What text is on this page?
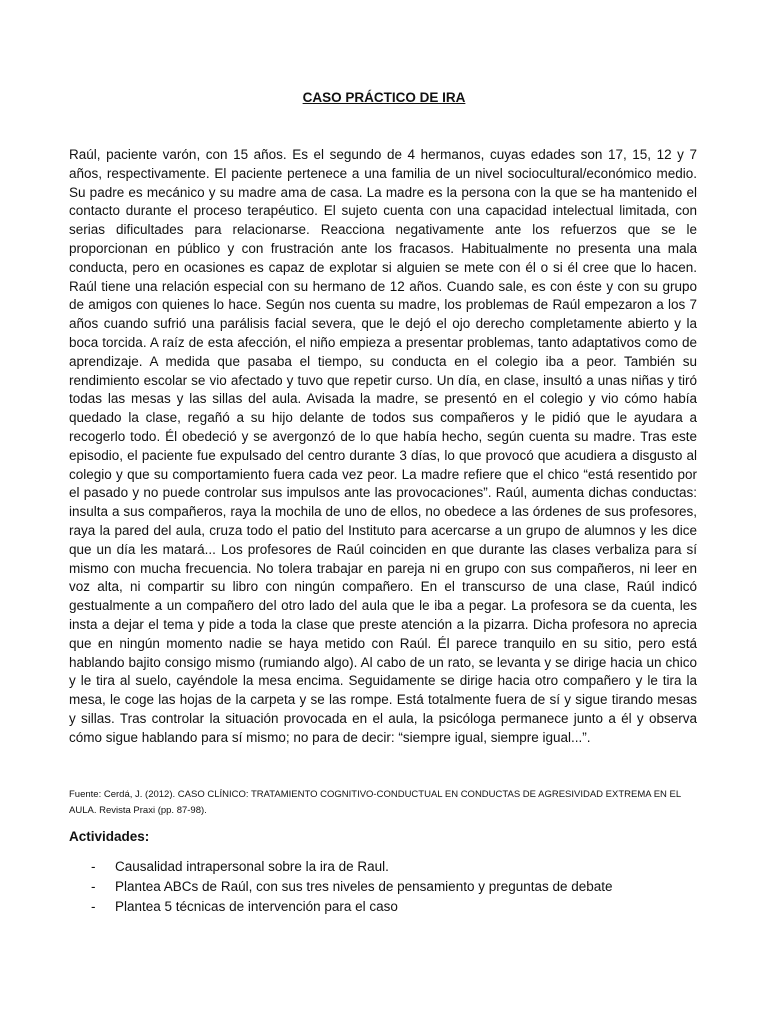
CASO PRÁCTICO DE IRA

Raúl, paciente varón, con 15 años. Es el segundo de 4 hermanos, cuyas edades son 17, 15, 12 y 7 años, respectivamente. El paciente pertenece a una familia de un nivel sociocultural/económico medio. Su padre es mecánico y su madre ama de casa. La madre es la persona con la que se ha mantenido el contacto durante el proceso terapéutico. El sujeto cuenta con una capacidad intelectual limitada, con serias dificultades para relacionarse. Reacciona negativamente ante los refuerzos que se le proporcionan en público y con frustración ante los fracasos. Habitualmente no presenta una mala conducta, pero en ocasiones es capaz de explotar si alguien se mete con él o si él cree que lo hacen. Raúl tiene una relación especial con su hermano de 12 años. Cuando sale, es con éste y con su grupo de amigos con quienes lo hace. Según nos cuenta su madre, los problemas de Raúl empezaron a los 7 años cuando sufrió una parálisis facial severa, que le dejó el ojo derecho completamente abierto y la boca torcida. A raíz de esta afección, el niño empieza a presentar problemas, tanto adaptativos como de aprendizaje. A medida que pasaba el tiempo, su conducta en el colegio iba a peor. También su rendimiento escolar se vio afectado y tuvo que repetir curso. Un día, en clase, insultó a unas niñas y tiró todas las mesas y las sillas del aula. Avisada la madre, se presentó en el colegio y vio cómo había quedado la clase, regañó a su hijo delante de todos sus compañeros y le pidió que le ayudara a recogerlo todo. Él obedeció y se avergonzó de lo que había hecho, según cuenta su madre. Tras este episodio, el paciente fue expulsado del centro durante 3 días, lo que provocó que acudiera a disgusto al colegio y que su comportamiento fuera cada vez peor. La madre refiere que el chico “está resentido por el pasado y no puede controlar sus impulsos ante las provocaciones”. Raúl, aumenta dichas conductas: insulta a sus compañeros, raya la mochila de uno de ellos, no obedece a las órdenes de sus profesores, raya la pared del aula, cruza todo el patio del Instituto para acercarse a un grupo de alumnos y les dice que un día les matará... Los profesores de Raúl coinciden en que durante las clases verbaliza para sí mismo con mucha frecuencia. No tolera trabajar en pareja ni en grupo con sus compañeros, ni leer en voz alta, ni compartir su libro con ningún compañero. En el transcurso de una clase, Raúl indicó gestualmente a un compañero del otro lado del aula que le iba a pegar. La profesora se da cuenta, les insta a dejar el tema y pide a toda la clase que preste atención a la pizarra. Dicha profesora no aprecia que en ningún momento nadie se haya metido con Raúl. Él parece tranquilo en su sitio, pero está hablando bajito consigo mismo (rumiando algo). Al cabo de un rato, se levanta y se dirige hacia un chico y le tira al suelo, cayéndole la mesa encima. Seguidamente se dirige hacia otro compañero y le tira la mesa, le coge las hojas de la carpeta y se las rompe. Está totalmente fuera de sí y sigue tirando mesas y sillas. Tras controlar la situación provocada en el aula, la psicóloga permanece junto a él y observa cómo sigue hablando para sí mismo; no para de decir: “siempre igual, siempre igual...”.

Fuente: Cerdá, J. (2012). CASO CLÍNICO: TRATAMIENTO COGNITIVO-CONDUCTUAL EN CONDUCTAS DE AGRESIVIDAD EXTREMA EN EL AULA. Revista Praxi (pp. 87-98).

Actividades:

- Causalidad intrapersonal sobre la ira de Raul.
- Plantea ABCs de Raúl, con sus tres niveles de pensamiento y preguntas de debate
- Plantea 5 técnicas de intervención para el caso
